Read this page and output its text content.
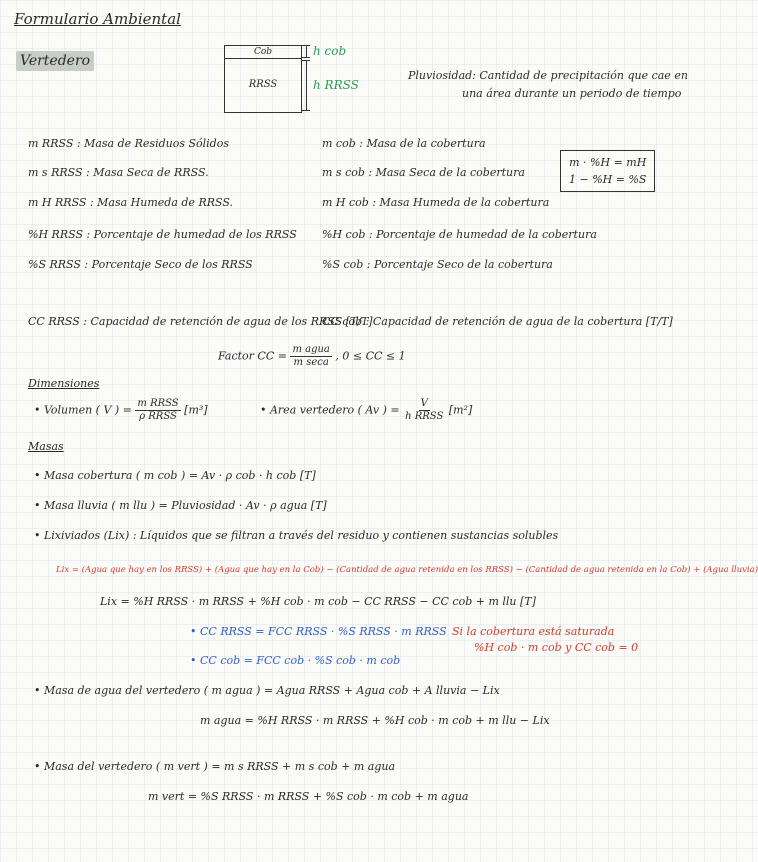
Formulario Ambiental
Vertedero
Cob
RRSS
h cob
h RRSS
Pluviosidad: Cantidad de precipitación que cae en
una área durante un periodo de tiempo
m RRSS : Masa de Residuos Sólidos
m s RRSS : Masa Seca de RRSS.
m H RRSS : Masa Humeda de RRSS.
%H RRSS : Porcentaje de humedad de los RRSS
%S RRSS : Porcentaje Seco de los RRSS
m cob : Masa de la cobertura
m s cob : Masa Seca de la cobertura
m H cob : Masa Humeda de la cobertura
%H cob : Porcentaje de humedad de la cobertura
%S cob : Porcentaje Seco de la cobertura
m · %H = mH
1 − %H = %S
CC RRSS : Capacidad de retención de agua de los RRSS [T/T]
CC cob : Capacidad de retención de agua de la cobertura [T/T]
Factor CC = $\frac{\text{m agua}}{\text{m seca}}$ , 0 ≤ CC ≤ 1
Dimensiones
• Volumen ( V ) = $\frac{\text{m RRSS}}{\text{ρ RRSS}} [m^3]$	• Area vertedero ( Av ) = $\frac{V}{\text{h RRSS}} [m^2]$
Masas
• Masa cobertura ( m cob ) = Av · ρ cob · h cob [T]
• Masa lluvia ( m llu ) = Pluviosidad · Av · ρ agua [T]
• Lixiviados (Lix) : Líquidos que se filtran a través del residuo y contienen sustancias solubles
Lix = (Agua que hay en los RRSS) + (Agua que hay en la Cob) − (Cantidad de agua retenida en los RRSS) − (Cantidad de agua retenida en la Cob) + (Agua lluvia)
Lix = %H RRSS · m RRSS + %H cob · m cob − CC RRSS − CC cob + m llu [T]
• CC RRSS = FCC RRSS · %S RRSS · m RRSS
• CC cob = FCC cob · %S cob · m cob
Si la cobertura está saturada
%H cob · m cob y CC cob = 0
• Masa de agua del vertedero ( m agua ) = Agua RRSS + Agua cob + A lluvia − Lix
m agua = %H RRSS · m RRSS + %H cob · m cob + m llu − Lix
• Masa del vertedero ( m vert ) = m s RRSS + m s cob + m agua
m vert = %S RRSS · m RRSS + %S cob · m cob + m agua
